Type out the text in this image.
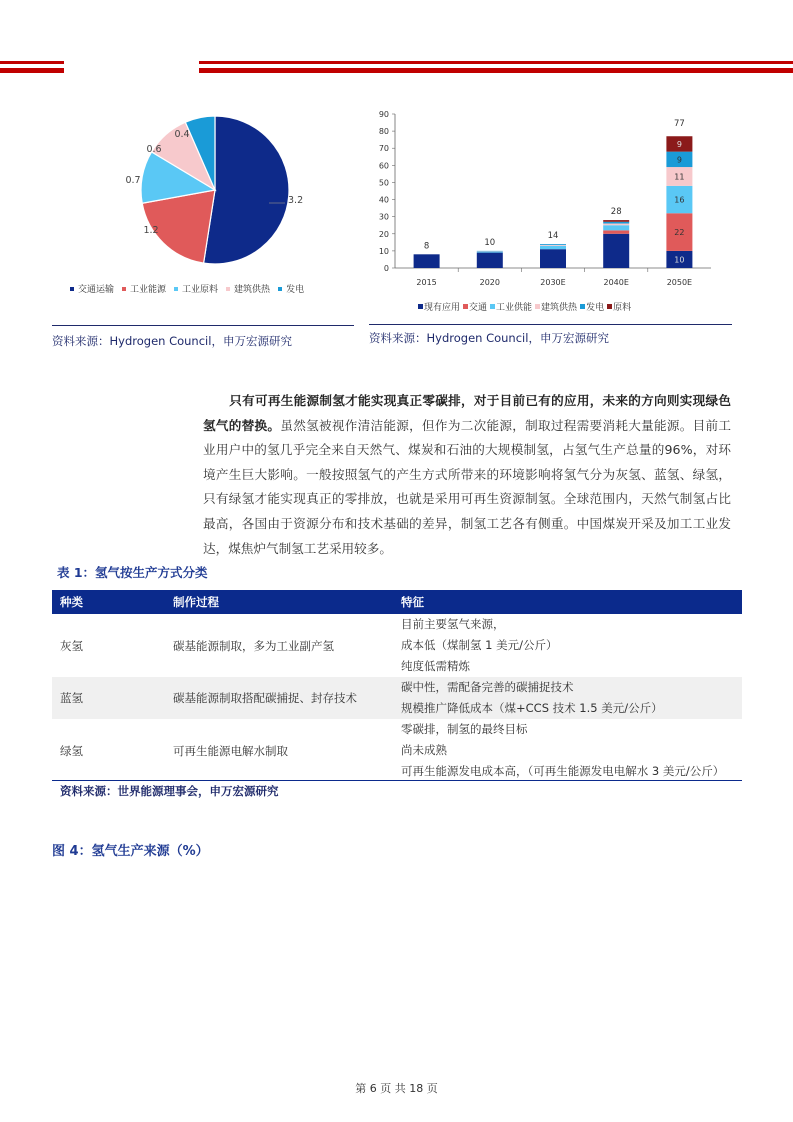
3.2
1.2
0.7
0.6
0.4
交通运输 工业能源 工业原料 建筑供热 发电
资料来源：Hydrogen Council，申万宏源研究
0
10
20
30
40
50
60
70
80
90
2015	2020	2030E	2040E	2050E
8	10
14
28
10
22
16
11
9
9
77
现有应用 交通 工业供能 建筑供热 发电 原料
资料来源：Hydrogen Council，申万宏源研究
只有可再生能源制氢才能实现真正零碳排，对于目前已有的应用，未来的方向则实现绿色氢气的替换。虽然氢被视作清洁能源，但作为二次能源，制取过程需要消耗大量能源。目前工业用户中的氢几乎完全来自天然气、煤炭和石油的大规模制氢，占氢气生产总量的96%，对环境产生巨大影响。一般按照氢气的产生方式所带来的环境影响将氢气分为灰氢、蓝氢、绿氢，只有绿氢才能实现真正的零排放，也就是采用可再生资源制氢。全球范围内，天然气制氢占比最高，各国由于资源分布和技术基础的差异，制氢工艺各有侧重。中国煤炭开采及加工工业发达，煤焦炉气制氢工艺采用较多。
表 1：氢气按生产方式分类
种类	制作过程	特征
灰氢	碳基能源制取，多为工业副产氢	目前主要氢气来源，
成本低（煤制氢 1 美元/公斤）
纯度低需精炼

蓝氢	碳基能源制取搭配碳捕捉、封存技术	碳中性，需配备完善的碳捕捉技术
规模推广降低成本（煤+CCS 技术 1.5 美元/公斤）

绿氢	可再生能源电解水制取	零碳排，制氢的最终目标
尚未成熟
可再生能源发电成本高，（可再生能源发电电解水 3 美元/公斤）
资料来源：世界能源理事会，申万宏源研究
图 4：氢气生产来源（%）
第 6 页 共 18 页
